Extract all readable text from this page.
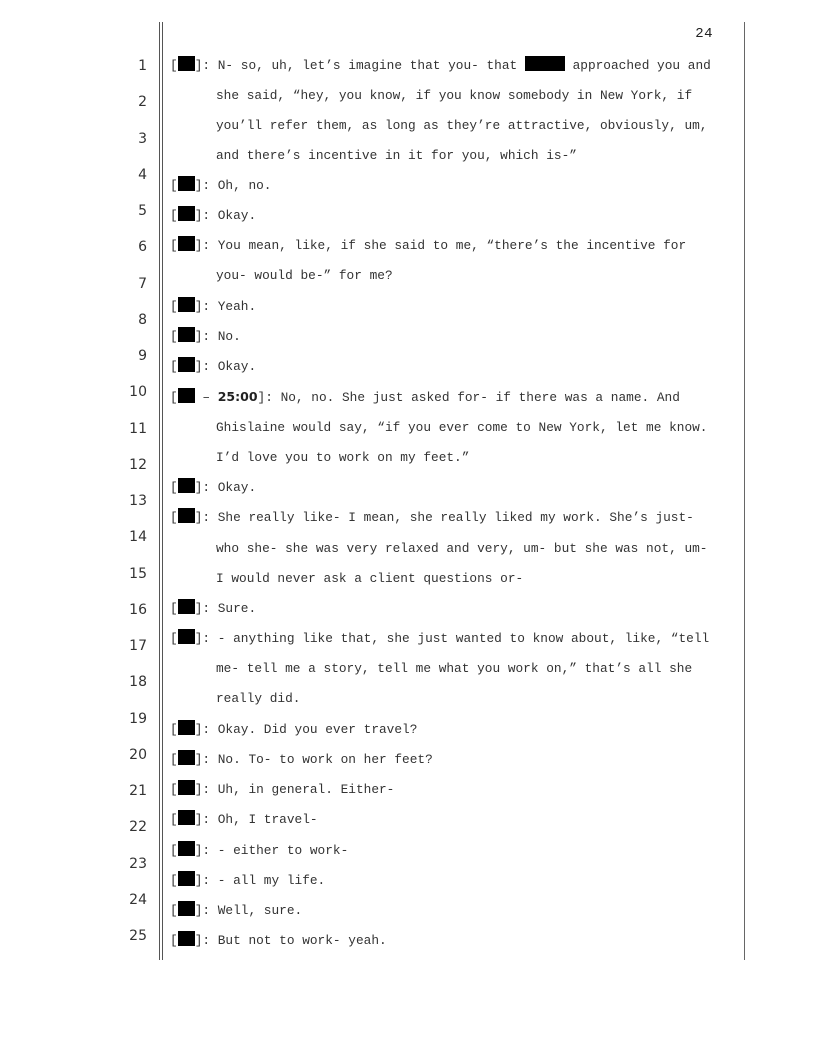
24
1
2
3
4
5
6
7
8
9
10
11
12
13
14
15
16
17
18
19
20
21
22
23
24
25
[ ]: N- so, uh, let’s imagine that you- that	approached you and
she said, “hey, you know, if you know somebody in New York, if
you’ll refer them, as long as they’re attractive, obviously, um,
and there’s incentive in it for you, which is-”
[ ]: Oh, no.
[ ]: Okay.
[ ]: You mean, like, if she said to me, “there’s the incentive for
you- would be-” for me?
[ ]: Yeah.
[ ]: No.
[ ]: Okay.
[ – 25:00]: No, no. She just asked for- if there was a name. And
Ghislaine would say, “if you ever come to New York, let me know.
I’d love you to work on my feet.”
[ ]: Okay.
[ ]: She really like- I mean, she really liked my work. She’s just-
who she- she was very relaxed and very, um- but she was not, um-
I would never ask a client questions or-
[ ]: Sure.
[ ]: - anything like that, she just wanted to know about, like, “tell
me- tell me a story, tell me what you work on,” that’s all she
really did.
[ ]: Okay. Did you ever travel?
[ ]: No. To- to work on her feet?
[ ]: Uh, in general. Either-
[ ]: Oh, I travel-
[ ]: - either to work-
[ ]: - all my life.
[ ]: Well, sure.
[ ]: But not to work- yeah.
